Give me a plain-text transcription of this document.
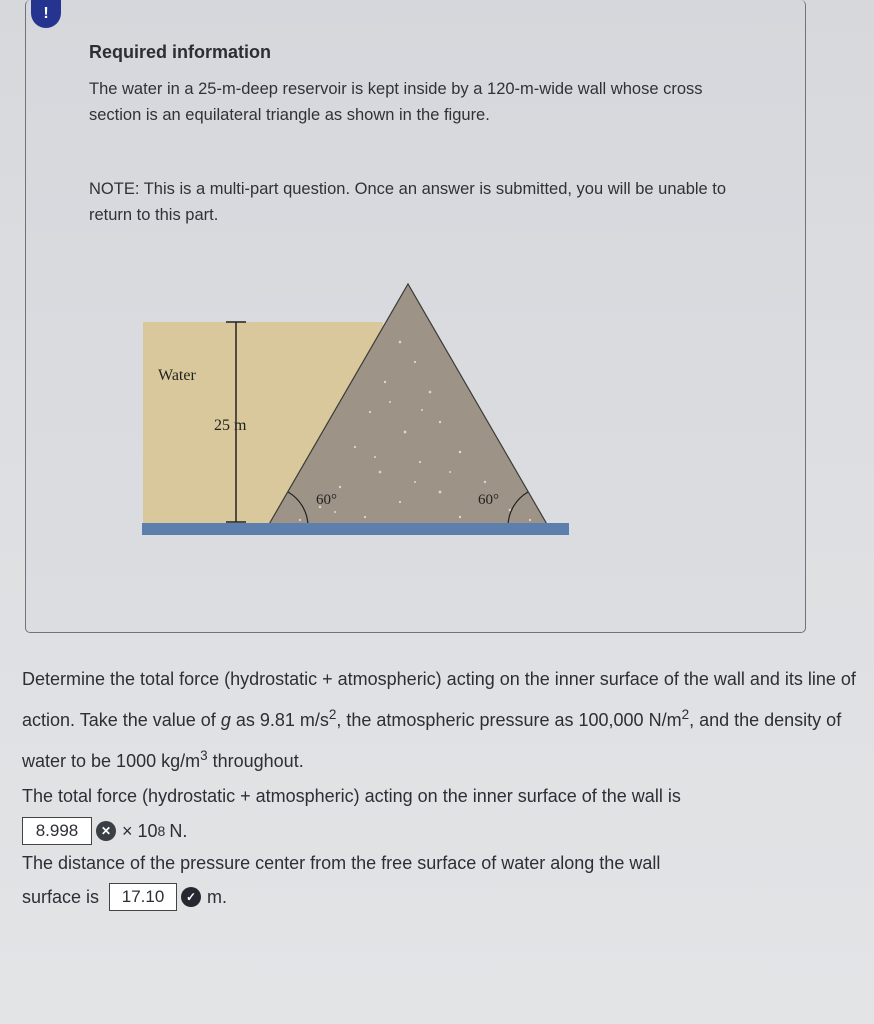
!
Required information
The water in a 25-m-deep reservoir is kept inside by a 120-m-wide wall whose cross section is an equilateral triangle as shown in the figure.
NOTE: This is a multi-part question. Once an answer is submitted, you will be unable to return to this part.
Water
25 m
60°	60°
Determine the total force (hydrostatic + atmospheric) acting on the inner surface of the wall and its line of action. Take the value of g as 9.81 $m/s^2$, the atmospheric pressure as 100,000 $N/m^2$, and the density of water to be 1000 $kg/m^3$ throughout.
The total force (hydrostatic + atmospheric) acting on the inner surface of the wall is
8.998	✕ × 10 8 N.
The distance of the pressure center from the free surface of water along the wall
surface is	17.10	✓ m.
